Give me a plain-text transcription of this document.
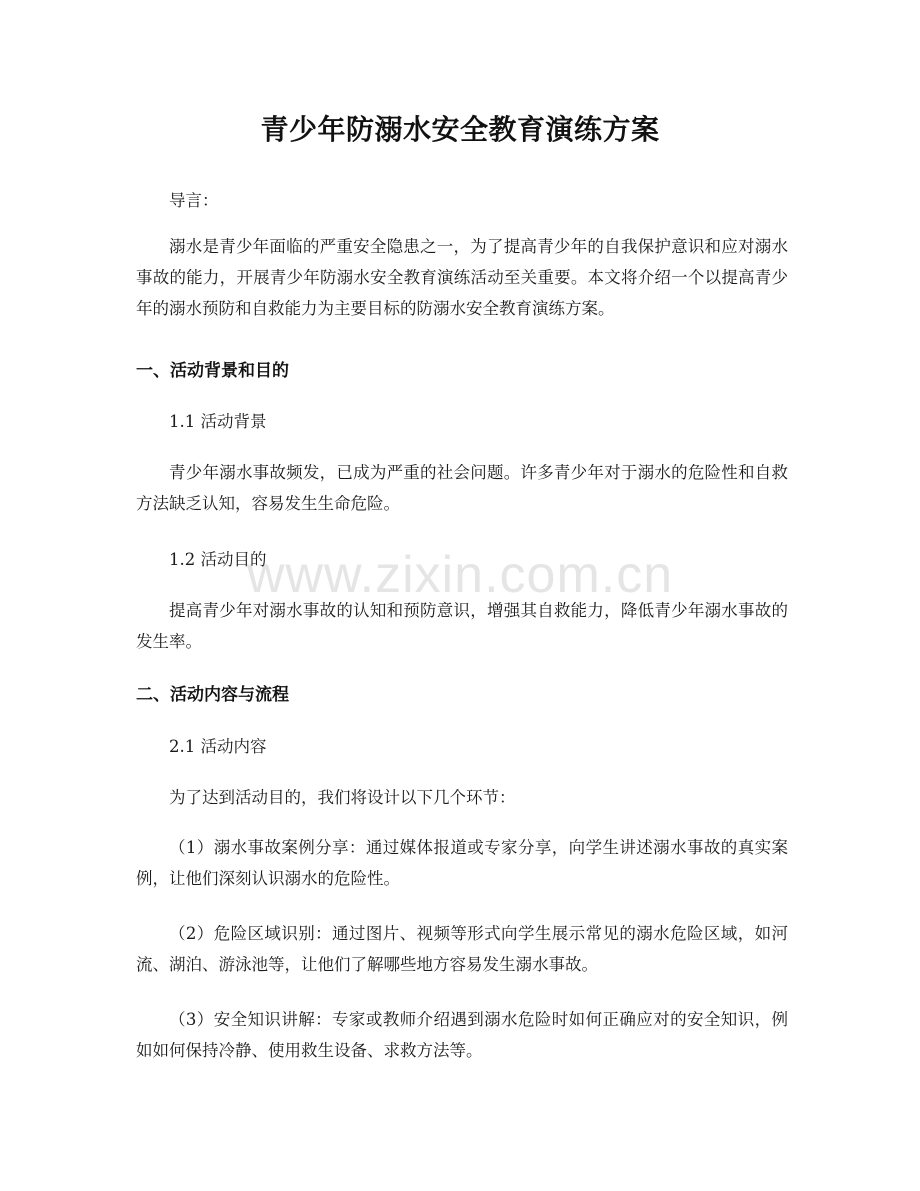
青少年防溺水安全教育演练方案
导言：

溺水是青少年面临的严重安全隐患之一，为了提高青少年的自我保护意识和应对溺水事故的能力，开展青少年防溺水安全教育演练活动至关重要。本文将介绍一个以提高青少年的溺水预防和自救能力为主要目标的防溺水安全教育演练方案。

一、活动背景和目的
1.1 活动背景

青少年溺水事故频发，已成为严重的社会问题。许多青少年对于溺水的危险性和自救方法缺乏认知，容易发生生命危险。

1.2 活动目的

提高青少年对溺水事故的认知和预防意识，增强其自救能力，降低青少年溺水事故的发生率。

二、活动内容与流程
2.1 活动内容

为了达到活动目的，我们将设计以下几个环节：

（1）溺水事故案例分享：通过媒体报道或专家分享，向学生讲述溺水事故的真实案例，让他们深刻认识溺水的危险性。

（2）危险区域识别：通过图片、视频等形式向学生展示常见的溺水危险区域，如河流、湖泊、游泳池等，让他们了解哪些地方容易发生溺水事故。

（3）安全知识讲解：专家或教师介绍遇到溺水危险时如何正确应对的安全知识，例如如何保持冷静、使用救生设备、求救方法等。

www.zixin.com.cn
